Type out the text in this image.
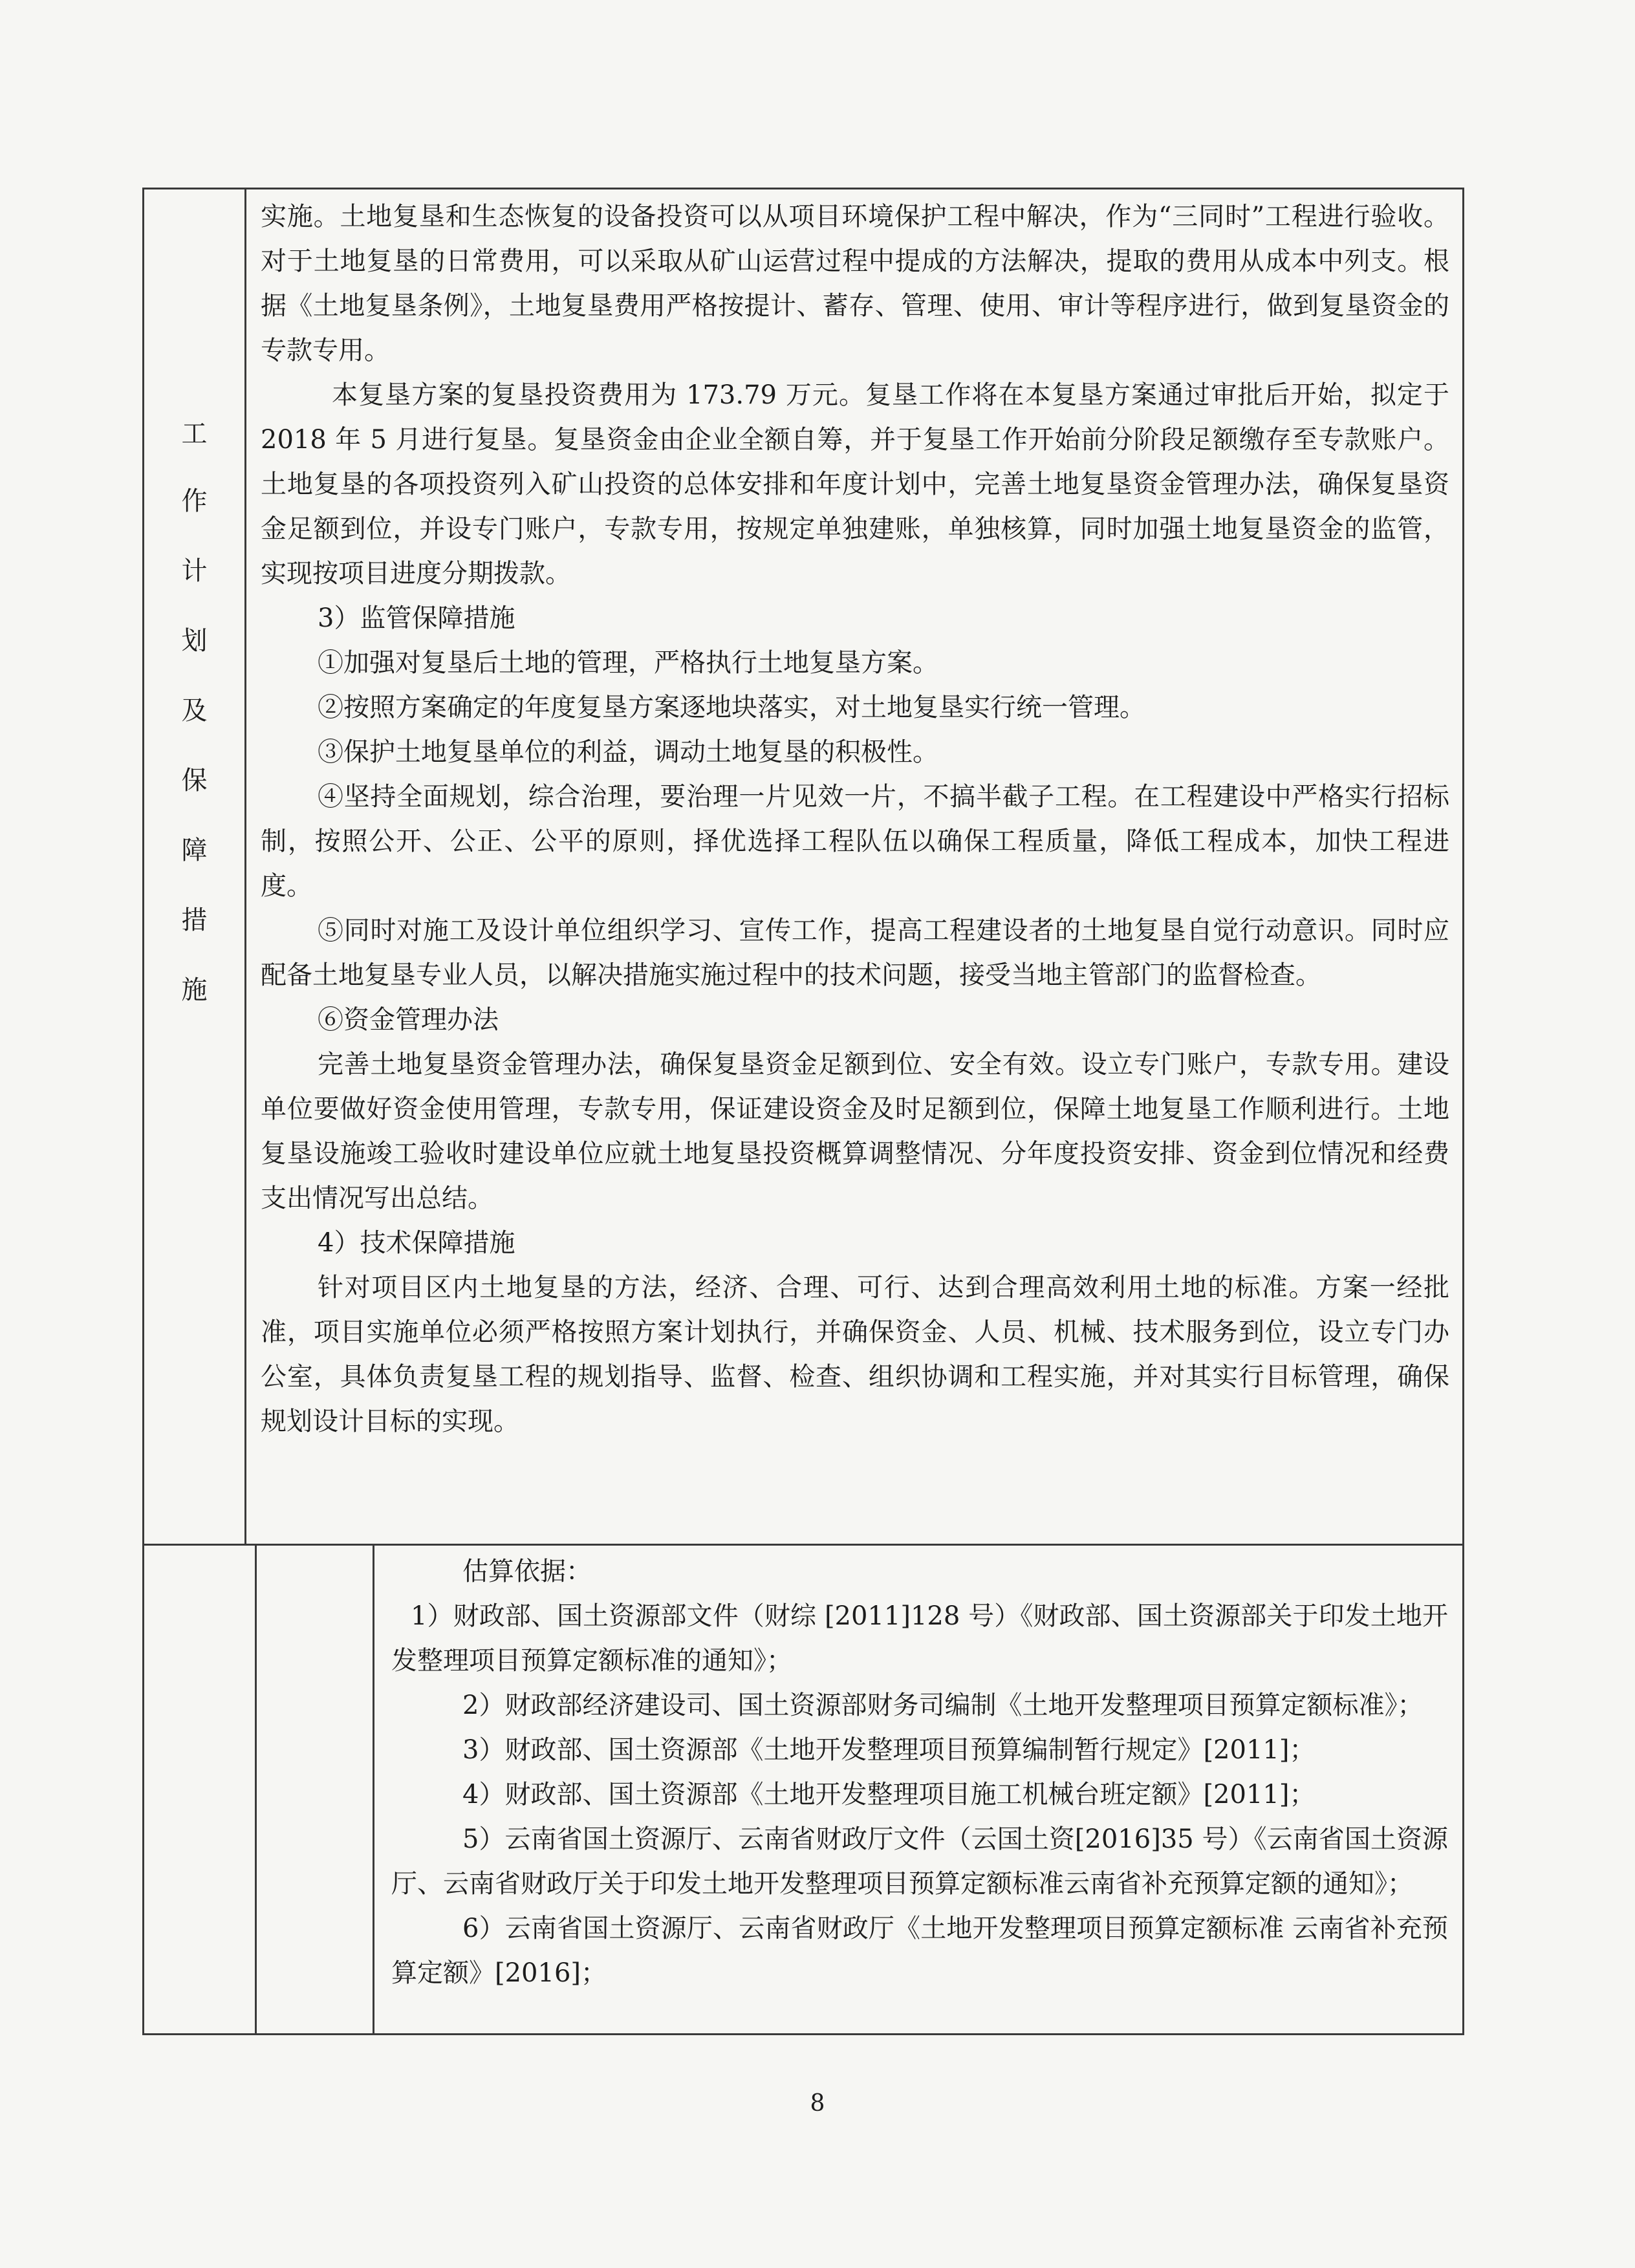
工
作
计
划
及
保
障
措
施

实施。土地复垦和生态恢复的设备投资可以从项目环境保护工程中解决，作为“三同时”工程进行验收。对于土地复垦的日常费用，可以采取从矿山运营过程中提成的方法解决，提取的费用从成本中列支。根据《土地复垦条例》，土地复垦费用严格按提计、蓄存、管理、使用、审计等程序进行，做到复垦资金的专款专用。

本复垦方案的复垦投资费用为 173.79 万元。复垦工作将在本复垦方案通过审批后开始，拟定于 2018 年 5 月进行复垦。复垦资金由企业全额自筹，并于复垦工作开始前分阶段足额缴存至专款账户。土地复垦的各项投资列入矿山投资的总体安排和年度计划中，完善土地复垦资金管理办法，确保复垦资金足额到位，并设专门账户，专款专用，按规定单独建账，单独核算，同时加强土地复垦资金的监管，实现按项目进度分期拨款。

3）监管保障措施

①加强对复垦后土地的管理，严格执行土地复垦方案。

②按照方案确定的年度复垦方案逐地块落实，对土地复垦实行统一管理。

③保护土地复垦单位的利益，调动土地复垦的积极性。

④坚持全面规划，综合治理，要治理一片见效一片，不搞半截子工程。在工程建设中严格实行招标制，按照公开、公正、公平的原则，择优选择工程队伍以确保工程质量，降低工程成本，加快工程进度。

⑤同时对施工及设计单位组织学习、宣传工作，提高工程建设者的土地复垦自觉行动意识。同时应配备土地复垦专业人员，以解决措施实施过程中的技术问题，接受当地主管部门的监督检查。

⑥资金管理办法

完善土地复垦资金管理办法，确保复垦资金足额到位、安全有效。设立专门账户，专款专用。建设单位要做好资金使用管理，专款专用，保证建设资金及时足额到位，保障土地复垦工作顺利进行。土地复垦设施竣工验收时建设单位应就土地复垦投资概算调整情况、分年度投资安排、资金到位情况和经费支出情况写出总结。

4）技术保障措施

针对项目区内土地复垦的方法，经济、合理、可行、达到合理高效利用土地的标准。方案一经批准，项目实施单位必须严格按照方案计划执行，并确保资金、人员、机械、技术服务到位，设立专门办公室，具体负责复垦工程的规划指导、监督、检查、组织协调和工程实施，并对其实行目标管理，确保规划设计目标的实现。

估算依据：

1）财政部、国土资源部文件（财综 [2011]128 号）《财政部、国土资源部关于印发土地开发整理项目预算定额标准的通知》；

2）财政部经济建设司、国土资源部财务司编制《土地开发整理项目预算定额标准》；

3）财政部、国土资源部《土地开发整理项目预算编制暂行规定》[2011]；

4）财政部、国土资源部《土地开发整理项目施工机械台班定额》[2011]；

5）云南省国土资源厅、云南省财政厅文件（云国土资[2016]35 号）《云南省国土资源厅、云南省财政厅关于印发土地开发整理项目预算定额标准云南省补充预算定额的通知》；

6）云南省国土资源厅、云南省财政厅《土地开发整理项目预算定额标准 云南省补充预算定额》[2016]；

8
